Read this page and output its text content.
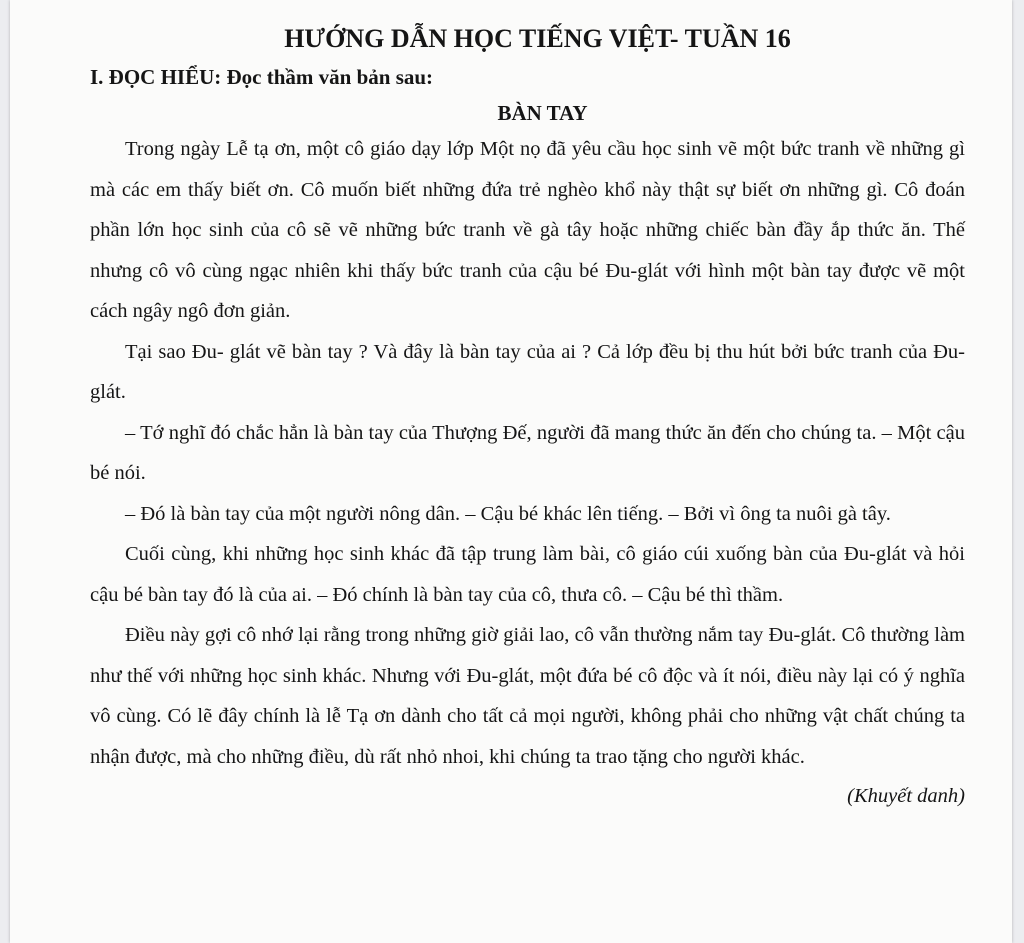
HƯỚNG DẪN HỌC TIẾNG VIỆT- TUẦN 16
I. ĐỌC HIỂU: Đọc thầm văn bản sau:
BÀN TAY

Trong ngày Lễ tạ ơn, một cô giáo dạy lớp Một nọ đã yêu cầu học sinh vẽ một bức tranh về những gì mà các em thấy biết ơn. Cô muốn biết những đứa trẻ nghèo khổ này thật sự biết ơn những gì. Cô đoán phần lớn học sinh của cô sẽ vẽ những bức tranh về gà tây hoặc những chiếc bàn đầy ắp thức ăn. Thế nhưng cô vô cùng ngạc nhiên khi thấy bức tranh của cậu bé Đu-glát với hình một bàn tay được vẽ một cách ngây ngô đơn giản.

Tại sao Đu- glát vẽ bàn tay ? Và đây là bàn tay của ai ? Cả lớp đều bị thu hút bởi bức tranh của Đu- glát.

– Tớ nghĩ đó chắc hẳn là bàn tay của Thượng Đế, người đã mang thức ăn đến cho chúng ta. – Một cậu bé nói.

– Đó là bàn tay của một người nông dân. – Cậu bé khác lên tiếng. – Bởi vì ông ta nuôi gà tây.

Cuối cùng, khi những học sinh khác đã tập trung làm bài, cô giáo cúi xuống bàn của Đu-glát và hỏi cậu bé bàn tay đó là của ai. – Đó chính là bàn tay của cô, thưa cô. – Cậu bé thì thầm.

Điều này gợi cô nhớ lại rằng trong những giờ giải lao, cô vẫn thường nắm tay Đu-glát. Cô thường làm như thế với những học sinh khác. Nhưng với Đu-glát, một đứa bé cô độc và ít nói, điều này lại có ý nghĩa vô cùng. Có lẽ đây chính là lễ Tạ ơn dành cho tất cả mọi người, không phải cho những vật chất chúng ta nhận được, mà cho những điều, dù rất nhỏ nhoi, khi chúng ta trao tặng cho người khác.

(Khuyết danh)
